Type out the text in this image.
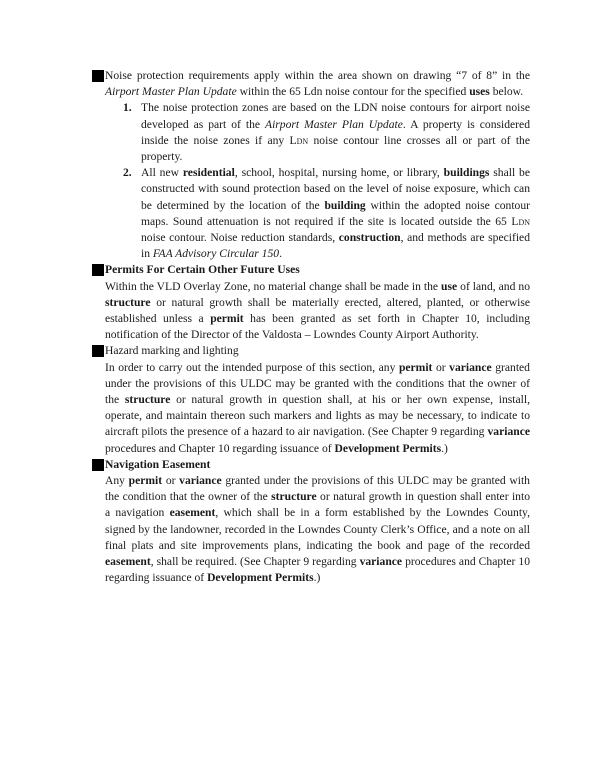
Noise protection requirements apply within the area shown on drawing “7 of 8” in the Airport Master Plan Update within the 65 Ldn noise contour for the specified uses below.
1. The noise protection zones are based on the LDN noise contours for airport noise developed as part of the Airport Master Plan Update. A property is considered inside the noise zones if any Ldn noise contour line crosses all or part of the property.
2. All new residential, school, hospital, nursing home, or library, buildings shall be constructed with sound protection based on the level of noise exposure, which can be determined by the location of the building within the adopted noise contour maps. Sound attenuation is not required if the site is located outside the 65 Ldn noise contour. Noise reduction standards, construction, and methods are specified in FAA Advisory Circular 150.
Permits For Certain Other Future Uses
Within the VLD Overlay Zone, no material change shall be made in the use of land, and no structure or natural growth shall be materially erected, altered, planted, or otherwise established unless a permit has been granted as set forth in Chapter 10, including notification of the Director of the Valdosta – Lowndes County Airport Authority.
Hazard marking and lighting
In order to carry out the intended purpose of this section, any permit or variance granted under the provisions of this ULDC may be granted with the conditions that the owner of the structure or natural growth in question shall, at his or her own expense, install, operate, and maintain thereon such markers and lights as may be necessary, to indicate to aircraft pilots the presence of a hazard to air navigation. (See Chapter 9 regarding variance procedures and Chapter 10 regarding issuance of Development Permits.)
Navigation Easement
Any permit or variance granted under the provisions of this ULDC may be granted with the condition that the owner of the structure or natural growth in question shall enter into a navigation easement, which shall be in a form established by the Lowndes County, signed by the landowner, recorded in the Lowndes County Clerk’s Office, and a note on all final plats and site improvements plans, indicating the book and page of the recorded easement, shall be required. (See Chapter 9 regarding variance procedures and Chapter 10 regarding issuance of Development Permits.)
